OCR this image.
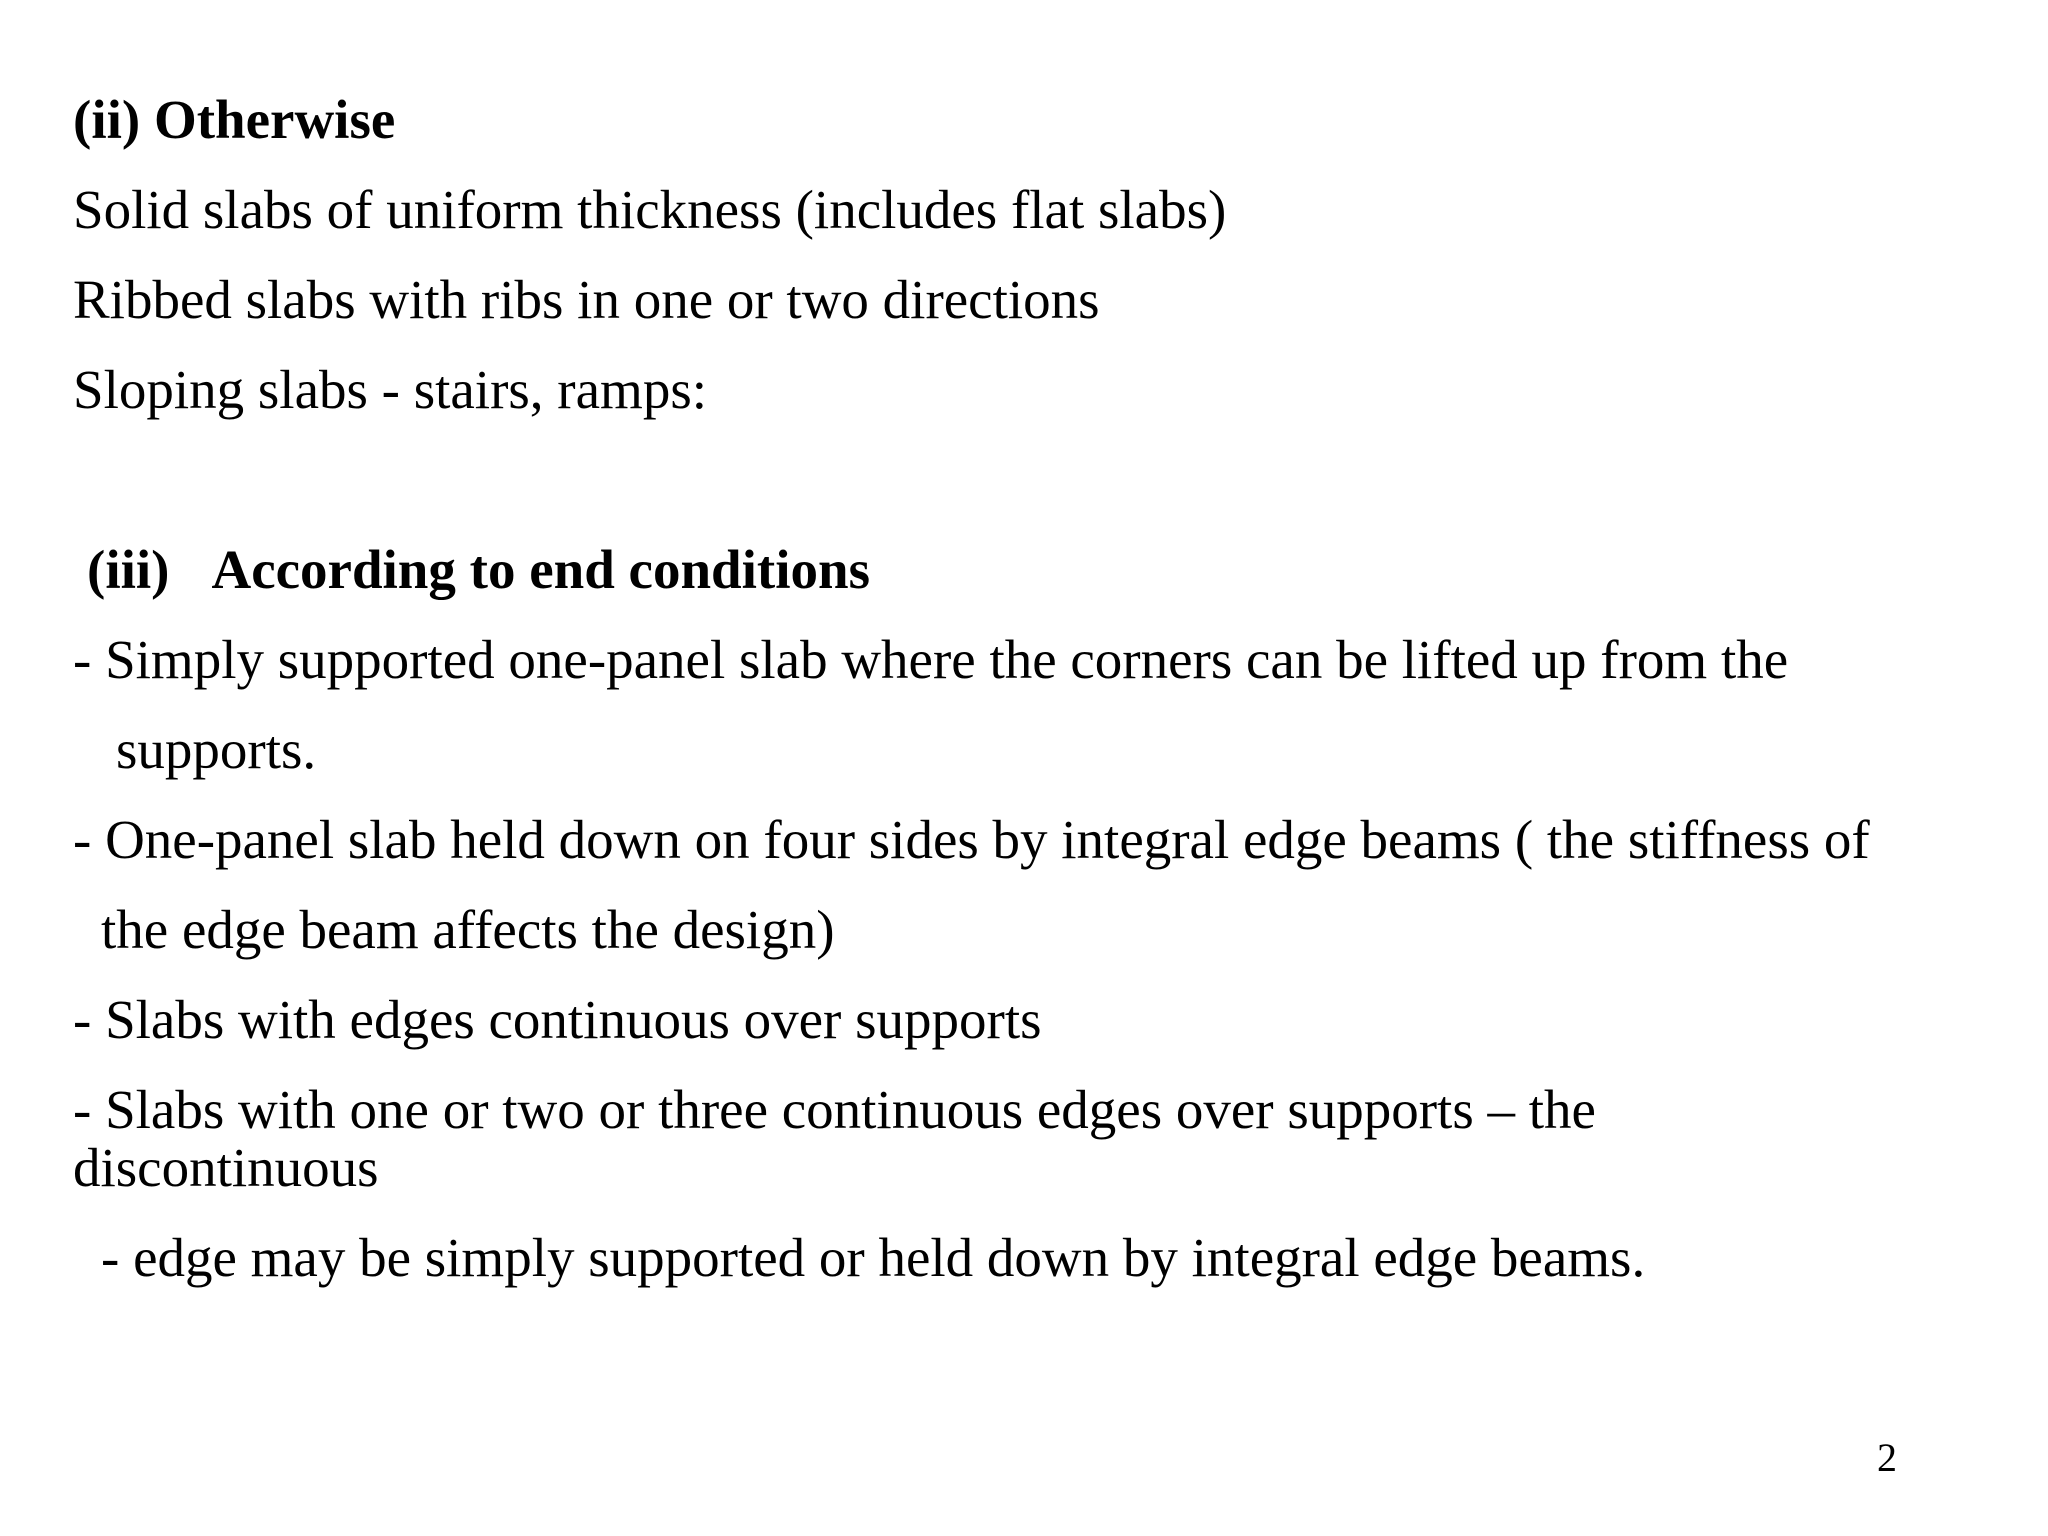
(ii) Otherwise
Solid slabs of uniform thickness (includes flat slabs)
Ribbed slabs with ribs in one or two directions
Sloping slabs - stairs, ramps:
(iii) According to end conditions
- Simply supported one-panel slab where the corners can be lifted up from the
supports.
- One-panel slab held down on four sides by integral edge beams ( the stiffness of
the edge beam affects the design)
- Slabs with edges continuous over supports
- Slabs with one or two or three continuous edges over supports – the
discontinuous
- edge may be simply supported or held down by integral edge beams.
2
